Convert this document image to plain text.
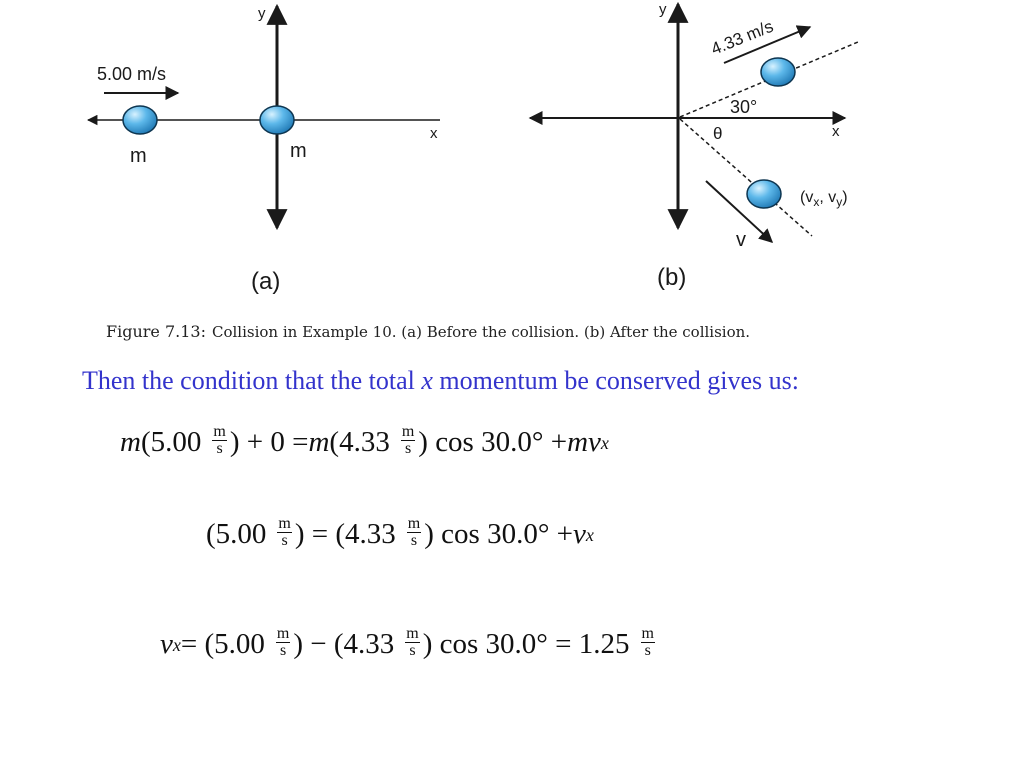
y
x
5.00 m/s
m	m
(a)
y
x
4.33 m/s
30°
θ
($v_x$, $v_y$)
v
(b)
Figure 7.13: Collision in Example 10. (a) Before the collision. (b) After the collision.
Then the condition that the total x momentum be conserved gives us:
m ($5.00 \frac{m}{s}$ ) + 0 = m ($4.33 \frac{m}{s}$ ) cos 30.0° + mv x
($5.00 \frac{m}{s}$ ) = ($4.33 \frac{m}{s}$ ) cos 30.0° + v x
v $x = (5.00 \frac{m}{s}$ ) − ($4.33 \frac{m}{s}$ ) $\cos 30.0^\circ = 1.25 \frac{m}{s}$
